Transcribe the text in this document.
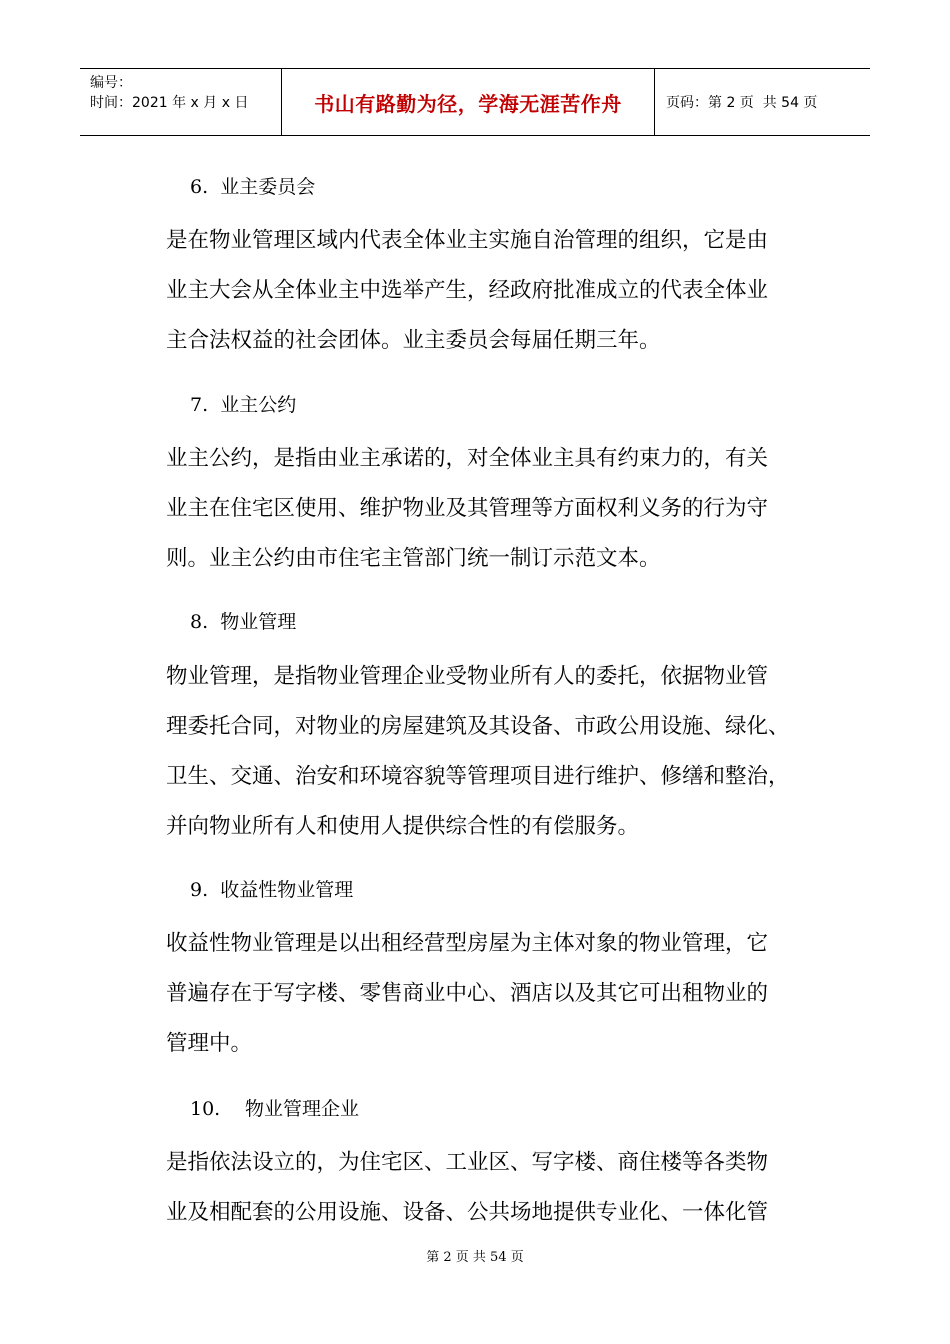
编号：
时间：2021 年 x 月 x 日	书山有路勤为径，学海无涯苦作舟	页码：第 2 页  共 54 页
6. 业主委员会
是在物业管理区域内代表全体业主实施自治管理的组织，它是由
业主大会从全体业主中选举产生，经政府批准成立的代表全体业
主合法权益的社会团体。业主委员会每届任期三年。
7. 业主公约
业主公约，是指由业主承诺的，对全体业主具有约束力的，有关
业主在住宅区使用、维护物业及其管理等方面权利义务的行为守
则。业主公约由市住宅主管部门统一制订示范文本。
8. 物业管理
物业管理，是指物业管理企业受物业所有人的委托，依据物业管
理委托合同，对物业的房屋建筑及其设备、市政公用设施、绿化、
卫生、交通、治安和环境容貌等管理项目进行维护、修缮和整治，
并向物业所有人和使用人提供综合性的有偿服务。
9. 收益性物业管理
收益性物业管理是以出租经营型房屋为主体对象的物业管理，它
普遍存在于写字楼、零售商业中心、酒店以及其它可出租物业的
管理中。
10. 物业管理企业
是指依法设立的，为住宅区、工业区、写字楼、商住楼等各类物
业及相配套的公用设施、设备、公共场地提供专业化、一体化管
第 2 页 共 54 页
